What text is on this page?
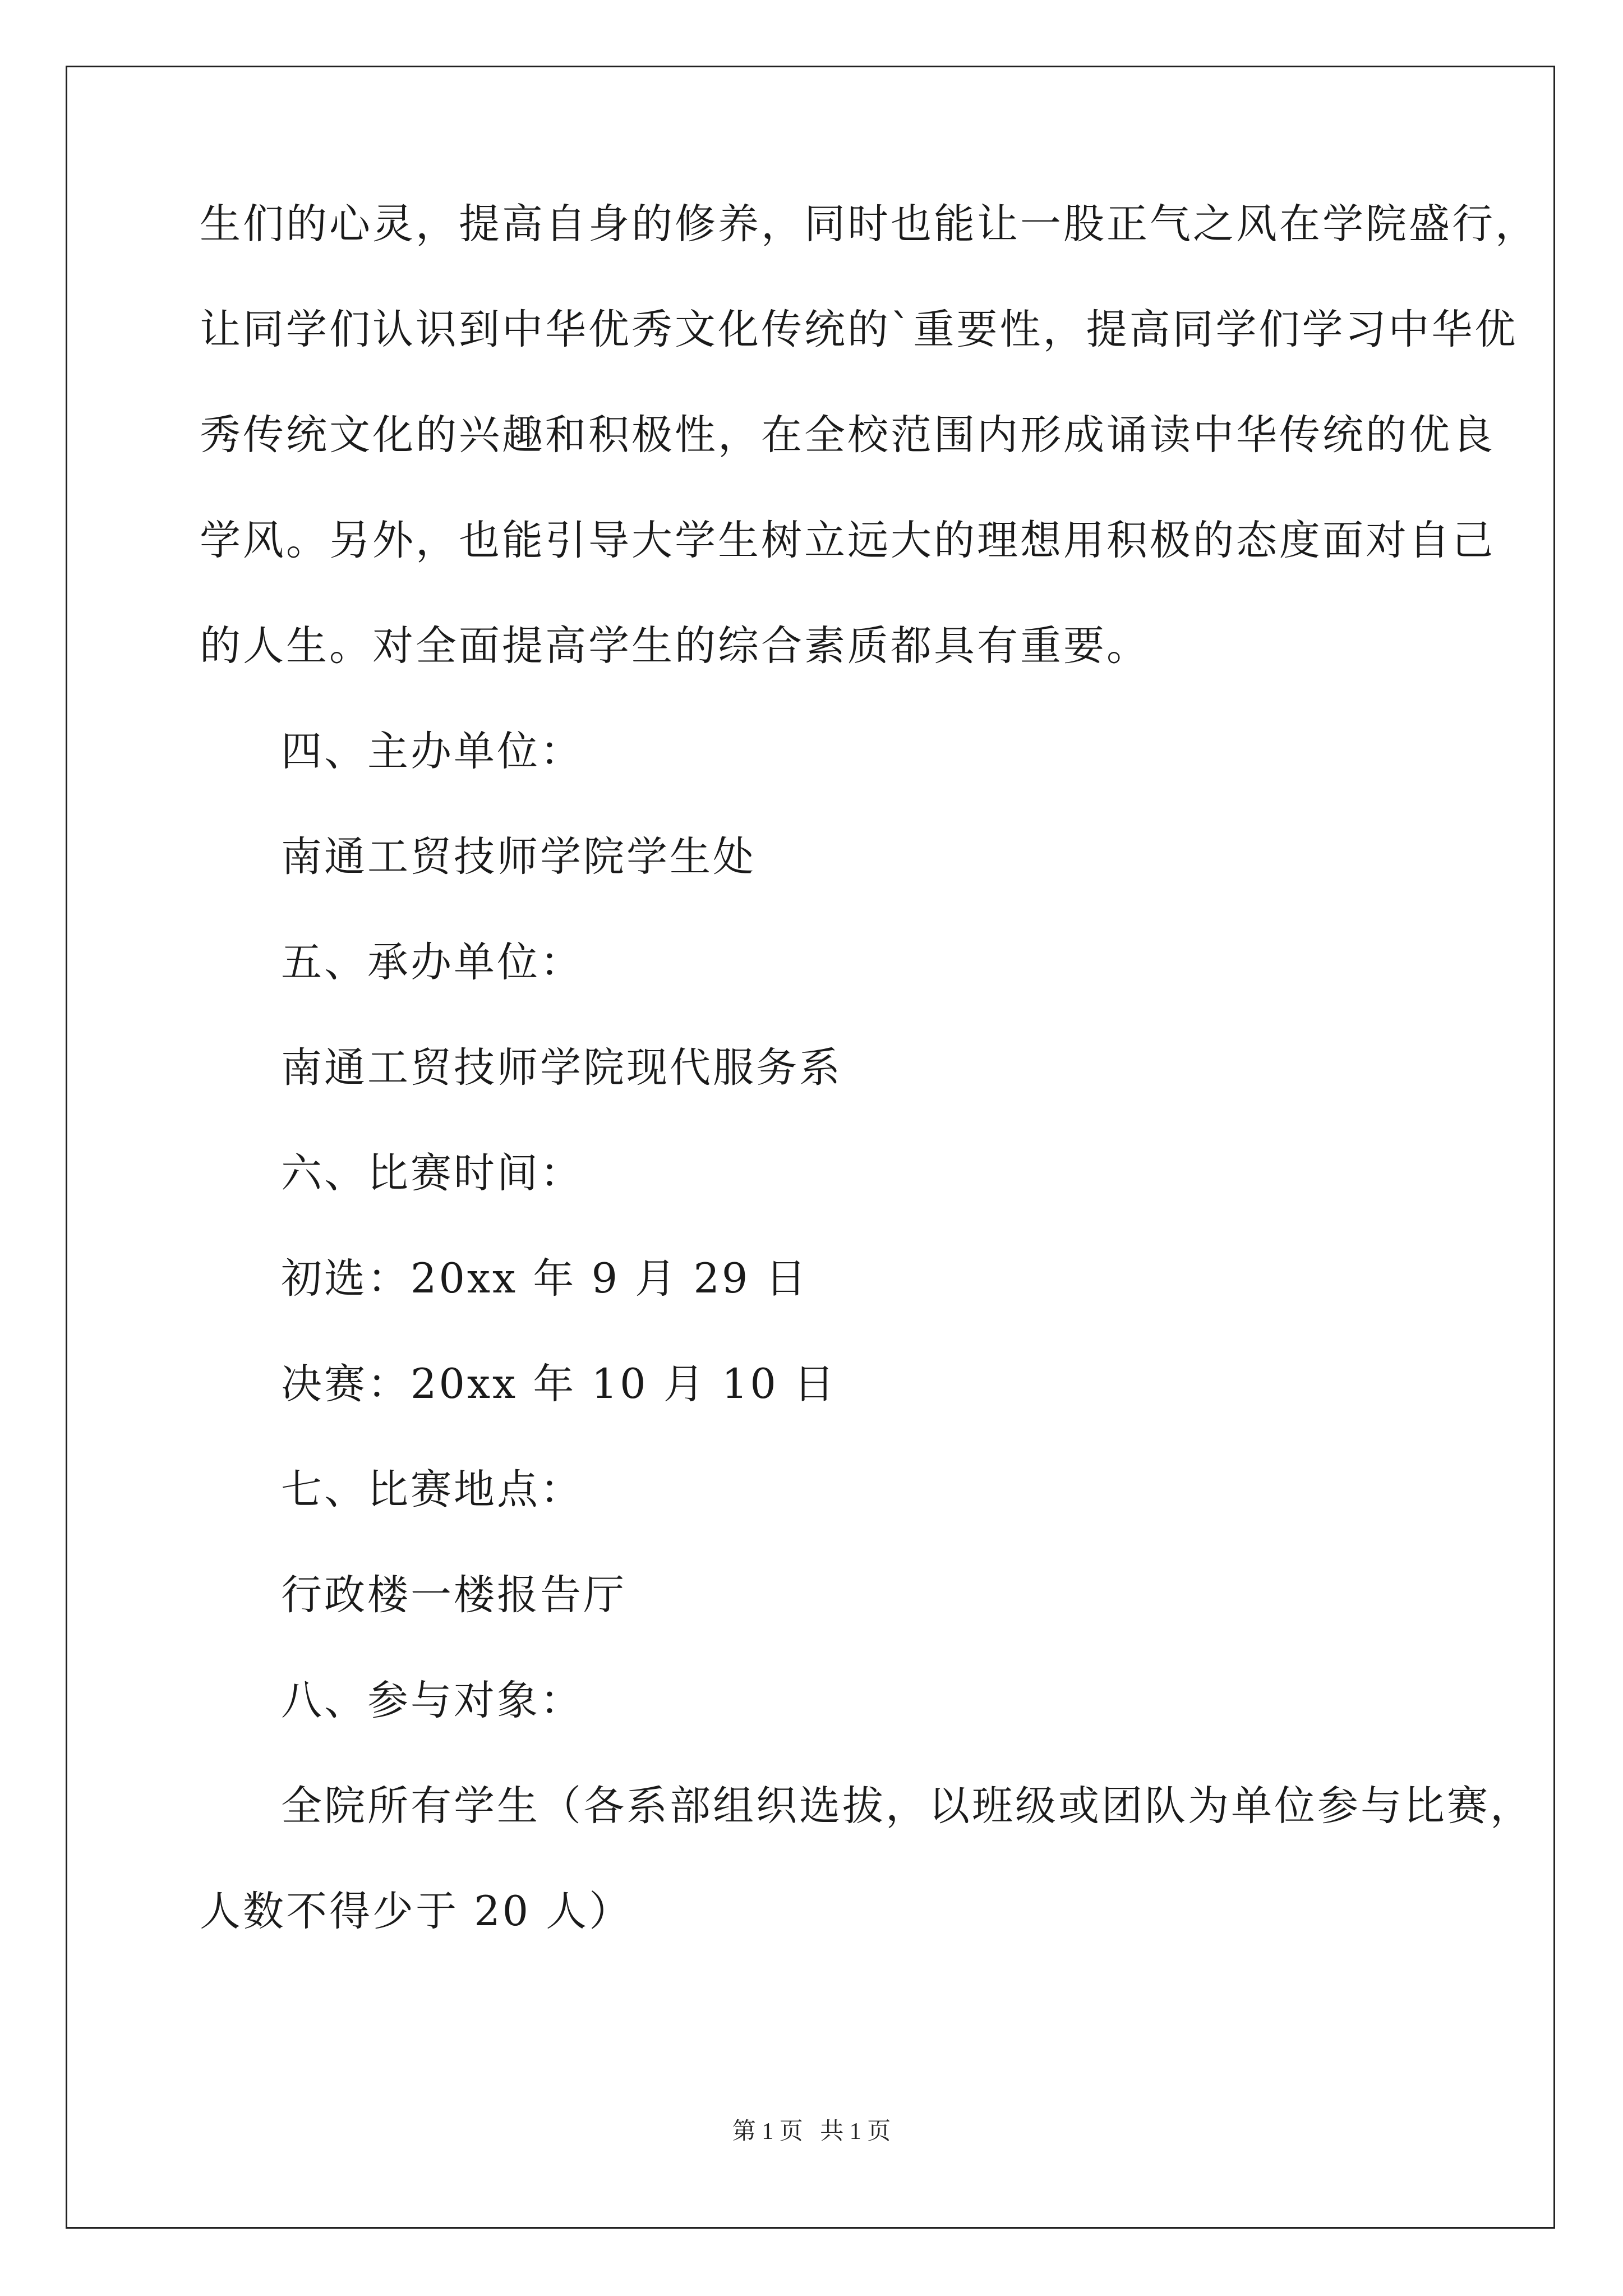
生们的心灵，提高自身的修养，同时也能让一股正气之风在学院盛行，
让同学们认识到中华优秀文化传统的`重要性，提高同学们学习中华优
秀传统文化的兴趣和积极性，在全校范围内形成诵读中华传统的优良
学风。另外，也能引导大学生树立远大的理想用积极的态度面对自己
的人生。对全面提高学生的综合素质都具有重要。
四、主办单位：
南通工贸技师学院学生处
五、承办单位：
南通工贸技师学院现代服务系
六、比赛时间：
初选：20xx 年 9 月 29 日
决赛：20xx 年 10 月 10 日
七、比赛地点：
行政楼一楼报告厅
八、参与对象：
全院所有学生（各系部组织选拔，以班级或团队为单位参与比赛，
人数不得少于 20 人）
第 1 页 共 1 页
